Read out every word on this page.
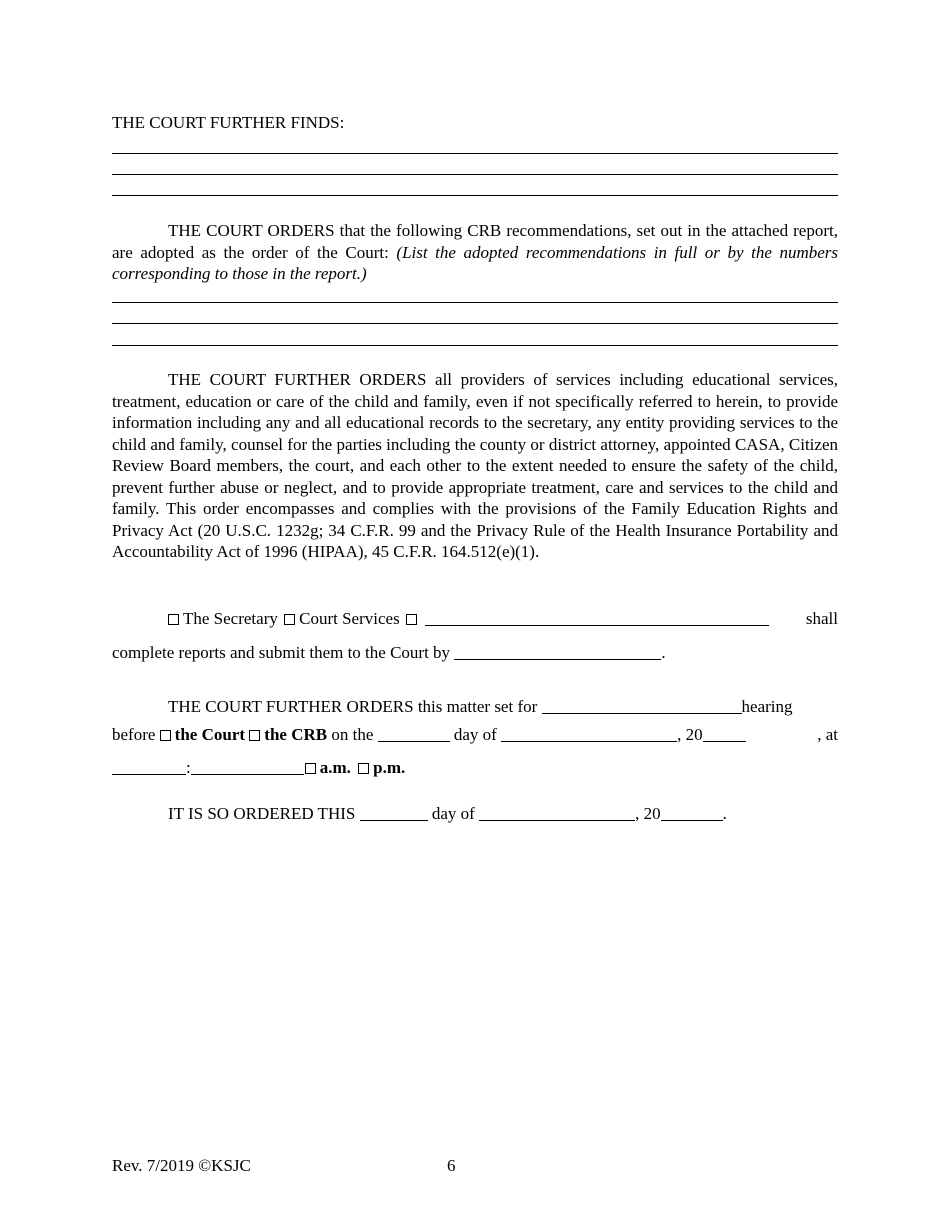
THE COURT FURTHER FINDS:
THE COURT ORDERS that the following CRB recommendations, set out in the attached report, are adopted as the order of the Court: (List the adopted recommendations in full or by the numbers corresponding to those in the report.)
THE COURT FURTHER ORDERS all providers of services including educational services, treatment, education or care of the child and family, even if not specifically referred to herein, to provide information including any and all educational records to the secretary, any entity providing services to the child and family, counsel for the parties including the county or district attorney, appointed CASA, Citizen Review Board members, the court, and each other to the extent needed to ensure the safety of the child, prevent further abuse or neglect, and to provide appropriate treatment, care and services to the child and family. This order encompasses and complies with the provisions of the Family Education Rights and Privacy Act (20 U.S.C. 1232g; 34 C.F.R. 99 and the Privacy Rule of the Health Insurance Portability and Accountability Act of 1996 (HIPAA), 45 C.F.R. 164.512(e)(1).
The Secretary Court Services	shall
complete reports and submit them to the Court by	.
THE COURT FURTHER ORDERS this matter set for	hearing
before the Court the CRB on the	day of	, 20	, at
:	a.m. p.m.
IT IS SO ORDERED THIS	day of	, 20	.
Rev. 7/2019 ©KSJC	6
